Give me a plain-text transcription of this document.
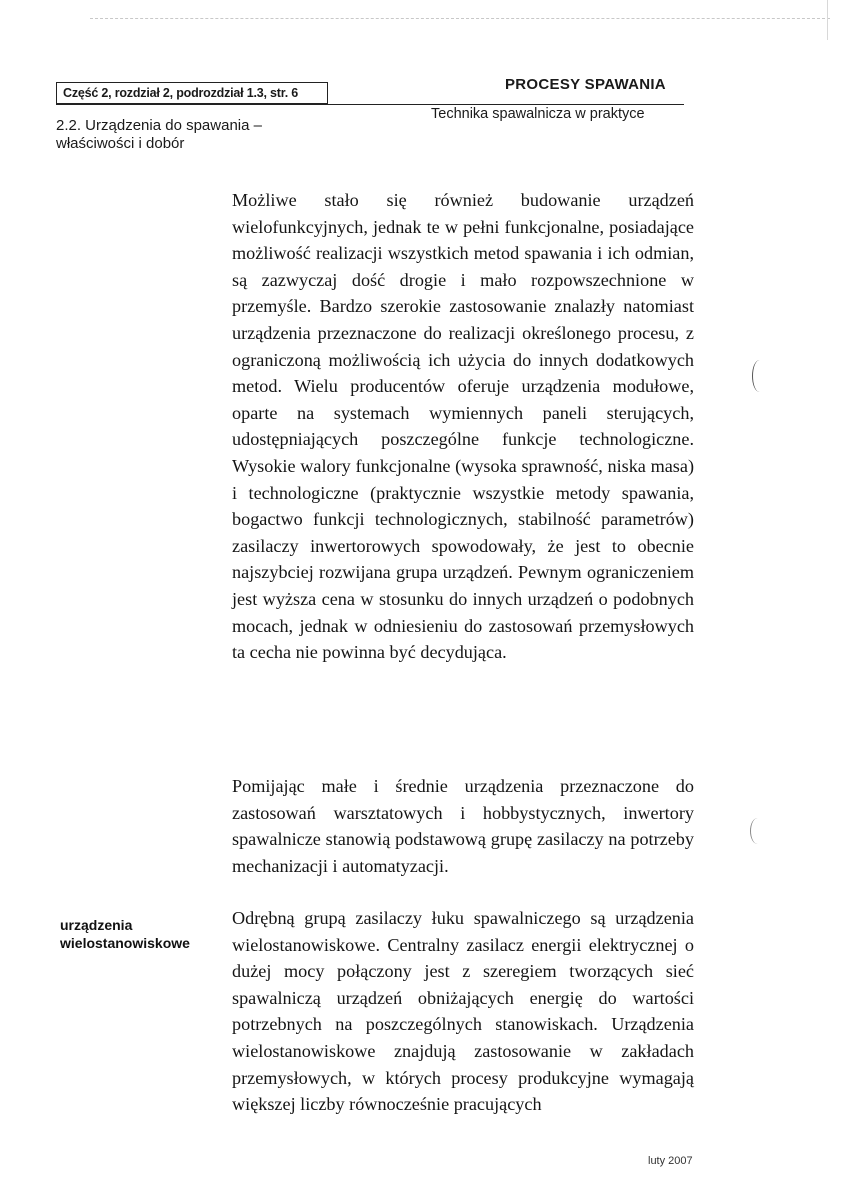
Część 2, rozdział 2, podrozdział 1.3, str. 6	PROCESY SPAWANIA
2.2. Urządzenia do spawania – właściwości i dobór
Technika spawalnicza w praktyce
Możliwe stało się również budowanie urządzeń wielofunkcyjnych, jednak te w pełni funkcjonalne, posiadające możliwość realizacji wszystkich metod spawania i ich odmian, są zazwyczaj dość drogie i mało rozpowszechnione w przemyśle. Bardzo szerokie zastosowanie znalazły natomiast urządzenia przeznaczone do realizacji określonego procesu, z ograniczoną możliwością ich użycia do innych dodatkowych metod. Wielu producentów oferuje urządzenia modułowe, oparte na systemach wymiennych paneli sterujących, udostępniających poszczególne funkcje technologiczne. Wysokie walory funkcjonalne (wysoka sprawność, niska masa) i technologiczne (praktycznie wszystkie metody spawania, bogactwo funkcji technologicznych, stabilność parametrów) zasilaczy inwertorowych spowodowały, że jest to obecnie najszybciej rozwijana grupa urządzeń. Pewnym ograniczeniem jest wyższa cena w stosunku do innych urządzeń o podobnych mocach, jednak w odniesieniu do zastosowań przemysłowych ta cecha nie powinna być decydująca.
Pomijając małe i średnie urządzenia przeznaczone do zastosowań warsztatowych i hobbystycznych, inwertory spawalnicze stanowią podstawową grupę zasilaczy na potrzeby mechanizacji i automatyzacji.
urządzenia
wielostanowiskowe
Odrębną grupą zasilaczy łuku spawalniczego są urządzenia wielostanowiskowe. Centralny zasilacz energii elektrycznej o dużej mocy połączony jest z szeregiem tworzących sieć spawalniczą urządzeń obniżających energię do wartości potrzebnych na poszczególnych stanowiskach. Urządzenia wielostanowiskowe znajdują zastosowanie w zakładach przemysłowych, w których procesy produkcyjne wymagają większej liczby równocześnie pracujących
luty 2007
